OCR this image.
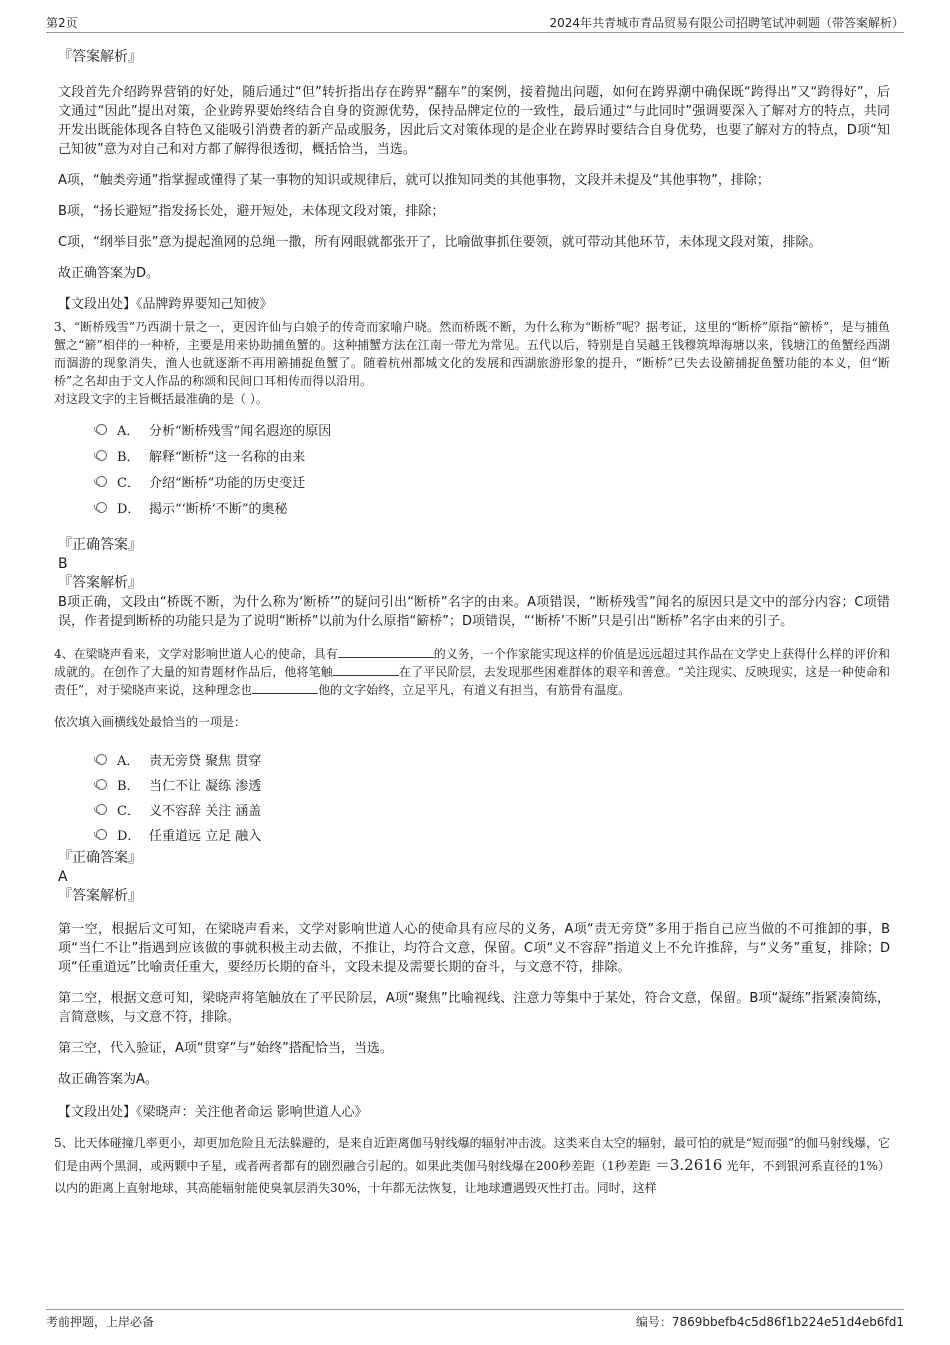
第2页	2024年共青城市青品贸易有限公司招聘笔试冲刺题（带答案解析）
『答案解析』
文段首先介绍跨界营销的好处，随后通过“但”转折指出存在跨界“翻车”的案例，接着抛出问题，如何在跨界潮中确保既“跨得出”又“跨得好”，后文通过“因此”提出对策，企业跨界要始终结合自身的资源优势，保持品牌定位的一致性，最后通过“与此同时”强调要深入了解对方的特点，共同开发出既能体现各自特色又能吸引消费者的新产品或服务，因此后文对策体现的是企业在跨界时要结合自身优势，也要了解对方的特点，D项“知己知彼”意为对自己和对方都了解得很透彻，概括恰当，当选。
A项，“触类旁通”指掌握或懂得了某一事物的知识或规律后，就可以推知同类的其他事物，文段并未提及“其他事物”，排除；
B项，“扬长避短”指发扬长处，避开短处，未体现文段对策，排除；
C项，“纲举目张”意为提起渔网的总绳一撒，所有网眼就都张开了，比喻做事抓住要领，就可带动其他环节，未体现文段对策，排除。
故正确答案为D。
【文段出处】《品牌跨界要知己知彼》
3、“断桥残雪”乃西湖十景之一，更因许仙与白娘子的传奇而家喻户晓。然而桥既不断，为什么称为“断桥”呢？据考证，这里的“断桥”原指“簖桥”，是与捕鱼蟹之“簖”相伴的一种桥，主要是用来协助捕鱼蟹的。这种捕蟹方法在江南一带尤为常见。五代以后，特别是自吴越王钱穆筑埠海塘以来，钱塘江的鱼蟹经西湖而涸游的现象消失，渔人也就逐渐不再用簖捕捉鱼蟹了。随着杭州都城文化的发展和西湖旅游形象的提升，“断桥”已失去设簖捕捉鱼蟹功能的本义，但“断桥”之名却由于文人作品的称颂和民间口耳相传而得以沿用。
对这段文字的主旨概括最准确的是（ ）。
A． 分析“断桥残雪”闻名遐迩的原因
B． 解释“断桥”这一名称的由来
C． 介绍“断桥”功能的历史变迁
D． 揭示“‘断桥’不断”的奥秘
『正确答案』
B
『答案解析』
B项正确，文段由“桥既不断，为什么称为‘断桥’”的疑问引出“断桥”名字的由来。A项错误，“断桥残雪”闻名的原因只是文中的部分内容；C项错误，作者提到断桥的功能只是为了说明“断桥”以前为什么原指“簖桥”；D项错误，“‘断桥’不断”只是引出“断桥”名字由来的引子。
4、在梁晓声看来，文学对影响世道人心的使命，具有	的义务，一个作家能实现这样的价值是远远超过其作品在文学史上获得什么样的评价和成就的。在创作了大量的知青题材作品后，他将笔触	在了平民阶层，去发现那些困难群体的艰辛和善意。“关注现实、反映现实，这是一种使命和责任”，对于梁晓声来说，这种理念也	他的文字始终，立足平凡，有道义有担当，有筋骨有温度。
依次填入画横线处最恰当的一项是：
A． 责无旁贷 聚焦 贯穿
B． 当仁不让 凝练 渗透
C． 义不容辞 关注 涵盖
D． 任重道远 立足 融入
『正确答案』
A
『答案解析』
第一空，根据后文可知，在梁晓声看来，文学对影响世道人心的使命具有应尽的义务，A项“责无旁贷”多用于指自己应当做的不可推卸的事，B项“当仁不让”指遇到应该做的事就积极主动去做，不推让，均符合文意，保留。C项“义不容辞”指道义上不允许推辞，与“义务”重复，排除；D项“任重道远”比喻责任重大，要经历长期的奋斗，文段未提及需要长期的奋斗，与文意不符，排除。
第二空，根据文意可知，梁晓声将笔触放在了平民阶层，A项“聚焦”比喻视线、注意力等集中于某处，符合文意，保留。B项“凝练”指紧凑简练，言简意赅，与文意不符，排除。
第三空，代入验证，A项“贯穿”与“始终”搭配恰当，当选。
故正确答案为A。
【文段出处】《梁晓声：关注他者命运 影响世道人心》
5、比天体碰撞几率更小，却更加危险且无法躲避的，是来自近距离伽马射线爆的辐射冲击波。这类来自太空的辐射，最可怕的就是“短而强”的伽马射线爆，它们是由两个黑洞，或两颗中子星，或者两者都有的剧烈融合引起的。如果此类伽马射线爆在200秒差距（1秒差距 ＝3.2616 光年，不到银河系直径的1%）以内的距离上直射地球，其高能辐射能使臭氧层消失30%，十年都无法恢复，让地球遭遇毁灭性打击。同时，这样
考前押题，上岸必备	编号：7869bbefb4c5d86f1b224e51d4eb6fd1
